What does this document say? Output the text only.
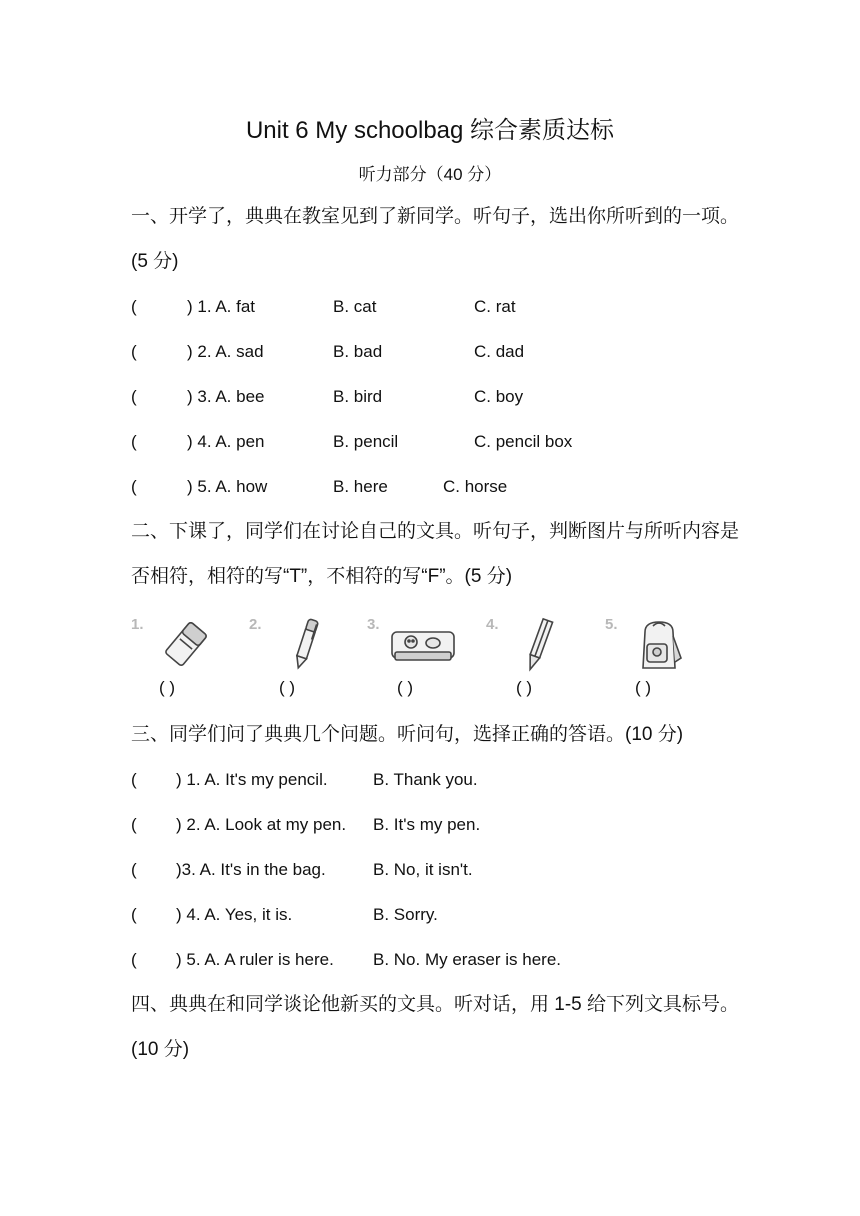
Unit 6 My schoolbag 综合素质达标
听力部分（40 分）
一、开学了，典典在教室见到了新同学。听句子，选出你所听到的一项。(5 分)
(	) 1. A. fat	B. cat	C. rat
(	) 2. A. sad	B. bad	C. dad
(	) 3. A. bee	B. bird	C. boy
(	) 4. A. pen	B. pencil	C. pencil box
(	) 5. A. how	B. here	C. horse
二、下课了，同学们在讨论自己的文具。听句子，判断图片与所听内容是否相符，相符的写“T”，不相符的写“F”。(5 分)
1.
( )
2.
( )
3.
( )
4.
( )
5.
( )
三、同学们问了典典几个问题。听问句，选择正确的答语。(10 分)
( ) 1. A. It's my pencil.	B. Thank you.
( ) 2. A. Look at my pen. B. It's my pen.
( )3. A. It's in the bag.	B. No, it isn't.
( ) 4. A. Yes, it is.	B. Sorry.
( ) 5. A. A ruler is here. B. No. My eraser is here.
四、典典在和同学谈论他新买的文具。听对话，用 1-5 给下列文具标号。(10 分)
